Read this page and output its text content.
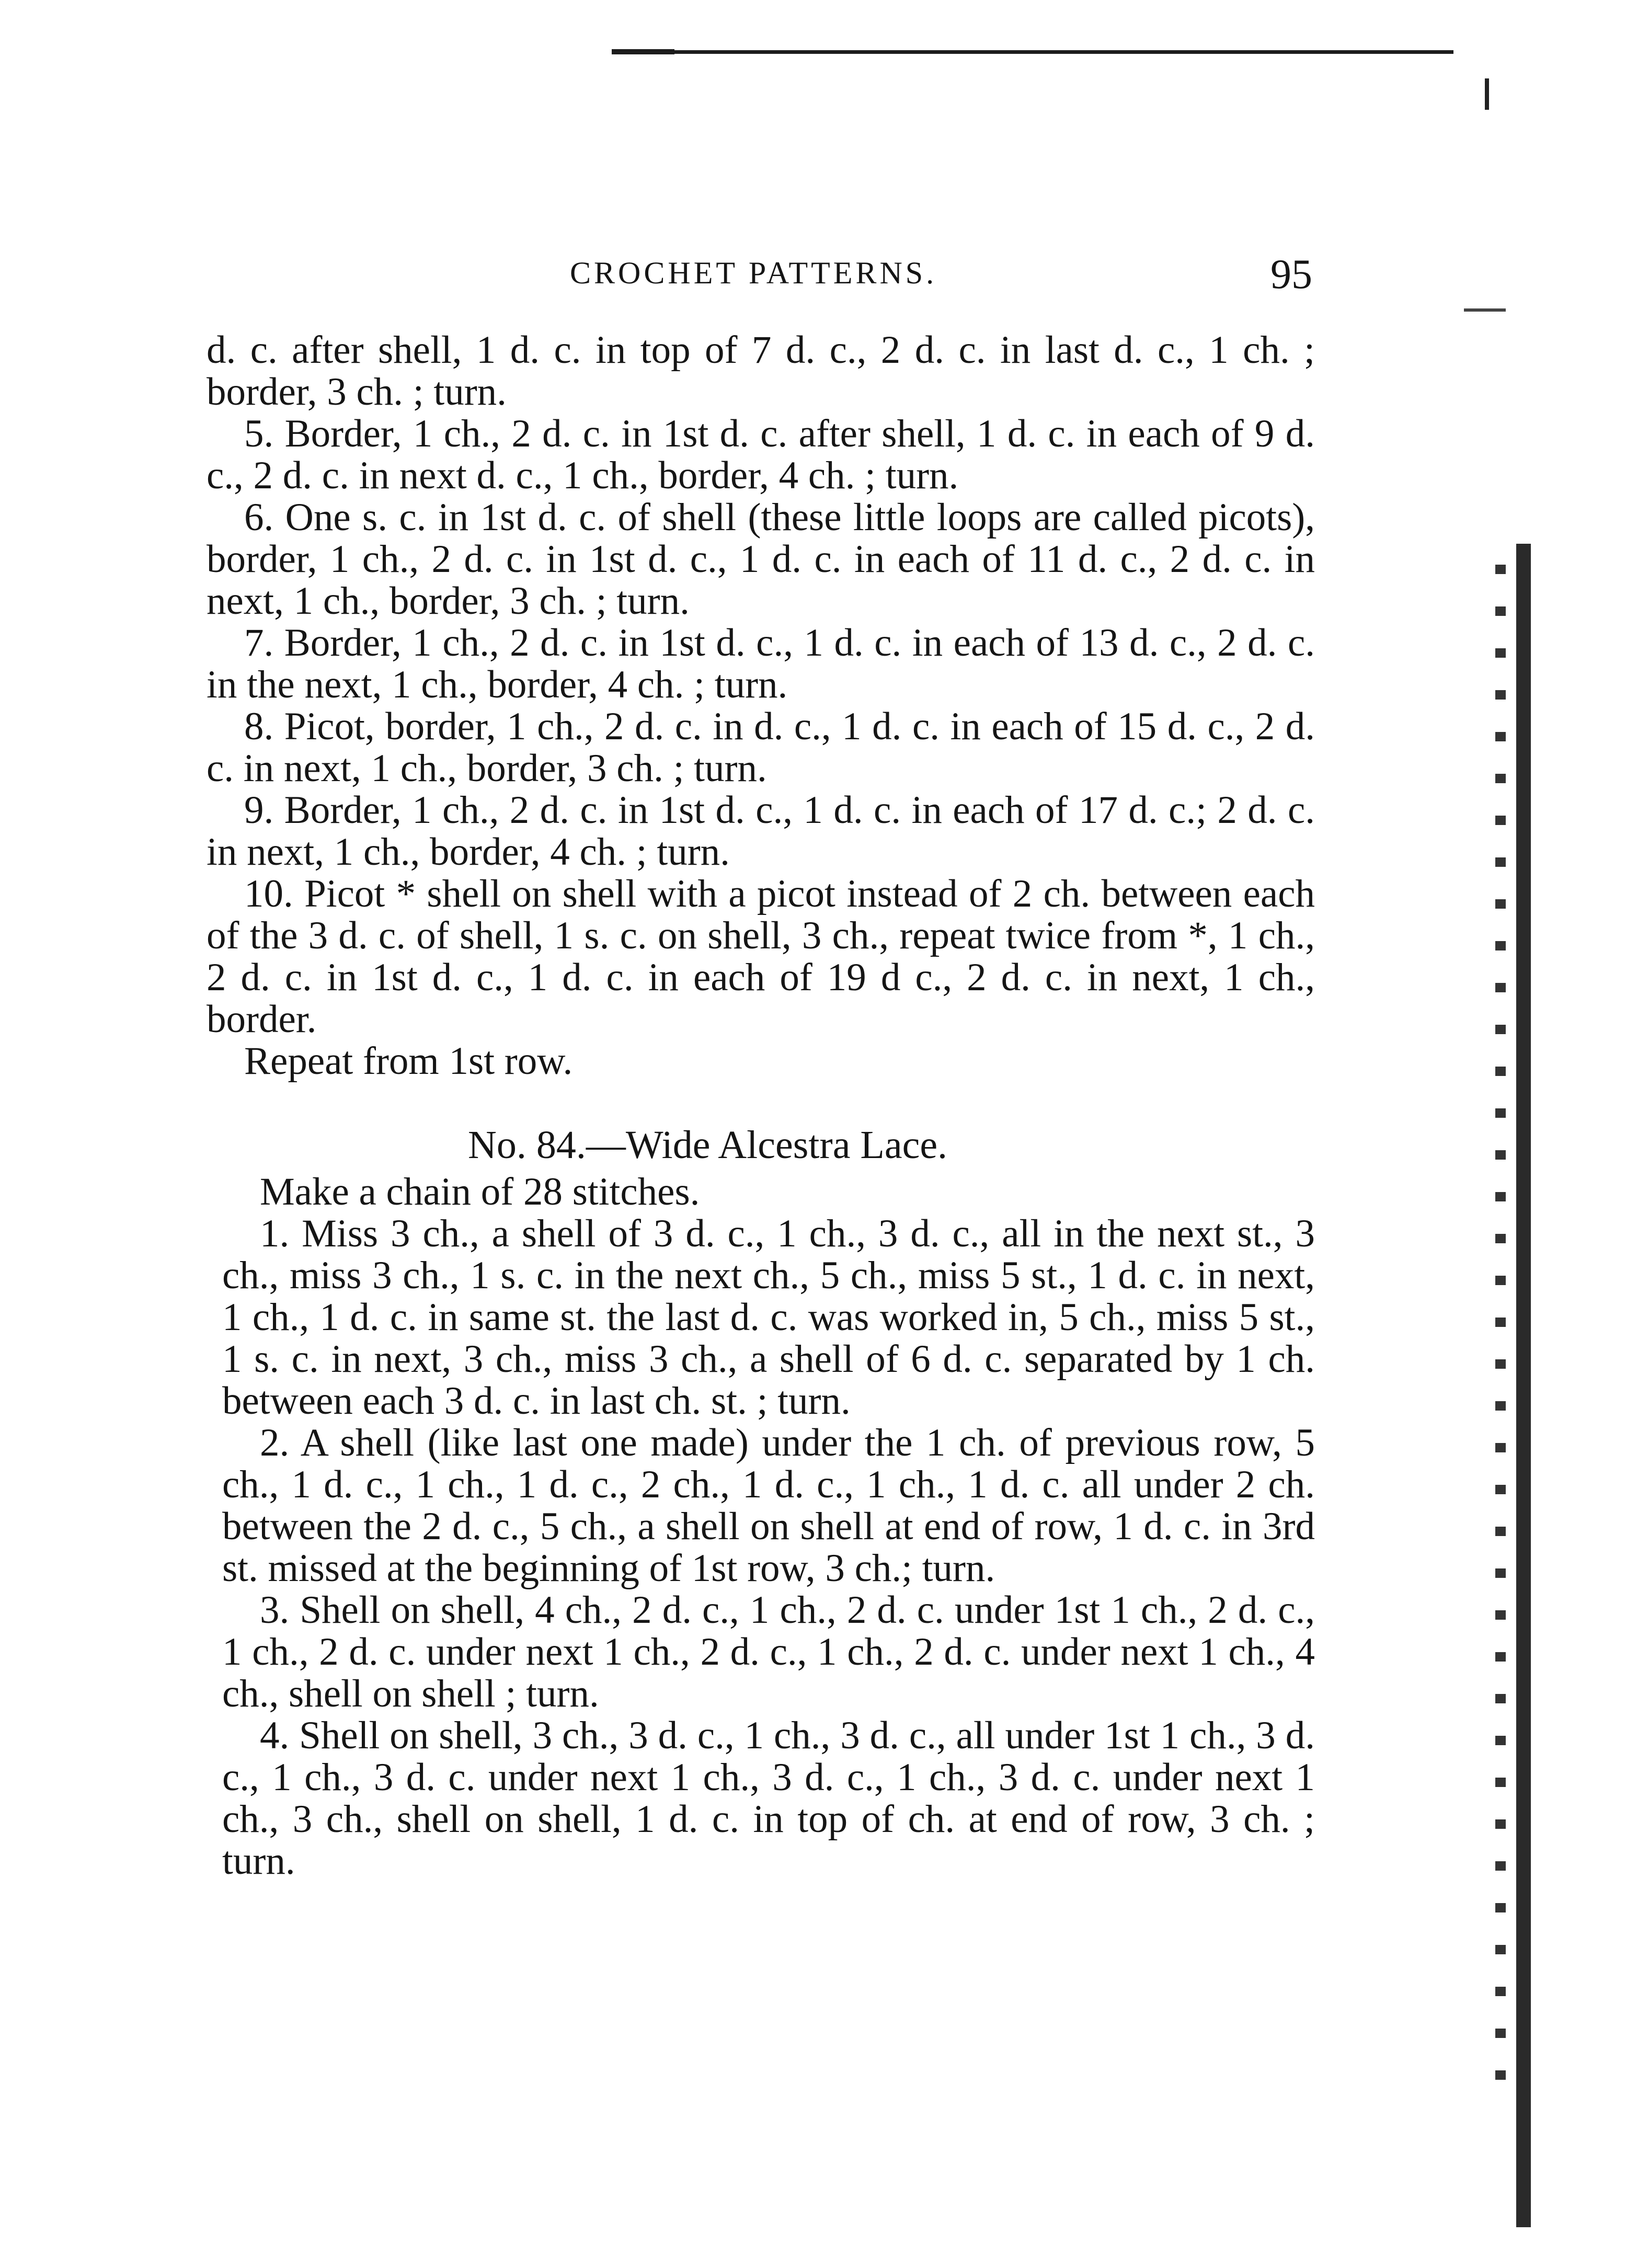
CROCHET PATTERNS.	95

d. c. after shell, 1 d. c. in top of 7 d. c., 2 d. c. in last d. c., 1 ch. ; border, 3 ch. ; turn.

5. Border, 1 ch., 2 d. c. in 1st d. c. after shell, 1 d. c. in each of 9 d. c., 2 d. c. in next d. c., 1 ch., border, 4 ch. ; turn.

6. One s. c. in 1st d. c. of shell (these little loops are called picots), border, 1 ch., 2 d. c. in 1st d. c., 1 d. c. in each of 11 d. c., 2 d. c. in next, 1 ch., border, 3 ch. ; turn.

7. Border, 1 ch., 2 d. c. in 1st d. c., 1 d. c. in each of 13 d. c., 2 d. c. in the next, 1 ch., border, 4 ch. ; turn.

8. Picot, border, 1 ch., 2 d. c. in d. c., 1 d. c. in each of 15 d. c., 2 d. c. in next, 1 ch., border, 3 ch. ; turn.

9. Border, 1 ch., 2 d. c. in 1st d. c., 1 d. c. in each of 17 d. c.; 2 d. c. in next, 1 ch., border, 4 ch. ; turn.

10. Picot * shell on shell with a picot instead of 2 ch. between each of the 3 d. c. of shell, 1 s. c. on shell, 3 ch., repeat twice from *, 1 ch., 2 d. c. in 1st d. c., 1 d. c. in each of 19 d c., 2 d. c. in next, 1 ch., border.

Repeat from 1st row.

No. 84.—Wide Alcestra Lace.

Make a chain of 28 stitches.

1. Miss 3 ch., a shell of 3 d. c., 1 ch., 3 d. c., all in the next st., 3 ch., miss 3 ch., 1 s. c. in the next ch., 5 ch., miss 5 st., 1 d. c. in next, 1 ch., 1 d. c. in same st. the last d. c. was worked in, 5 ch., miss 5 st., 1 s. c. in next, 3 ch., miss 3 ch., a shell of 6 d. c. separated by 1 ch. between each 3 d. c. in last ch. st. ; turn.

2. A shell (like last one made) under the 1 ch. of previous row, 5 ch., 1 d. c., 1 ch., 1 d. c., 2 ch., 1 d. c., 1 ch., 1 d. c. all under 2 ch. between the 2 d. c., 5 ch., a shell on shell at end of row, 1 d. c. in 3rd st. missed at the beginning of 1st row, 3 ch.; turn.

3. Shell on shell, 4 ch., 2 d. c., 1 ch., 2 d. c. under 1st 1 ch., 2 d. c., 1 ch., 2 d. c. under next 1 ch., 2 d. c., 1 ch., 2 d. c. under next 1 ch., 4 ch., shell on shell ; turn.

4. Shell on shell, 3 ch., 3 d. c., 1 ch., 3 d. c., all under 1st 1 ch., 3 d. c., 1 ch., 3 d. c. under next 1 ch., 3 d. c., 1 ch., 3 d. c. under next 1 ch., 3 ch., shell on shell, 1 d. c. in top of ch. at end of row, 3 ch. ; turn.
